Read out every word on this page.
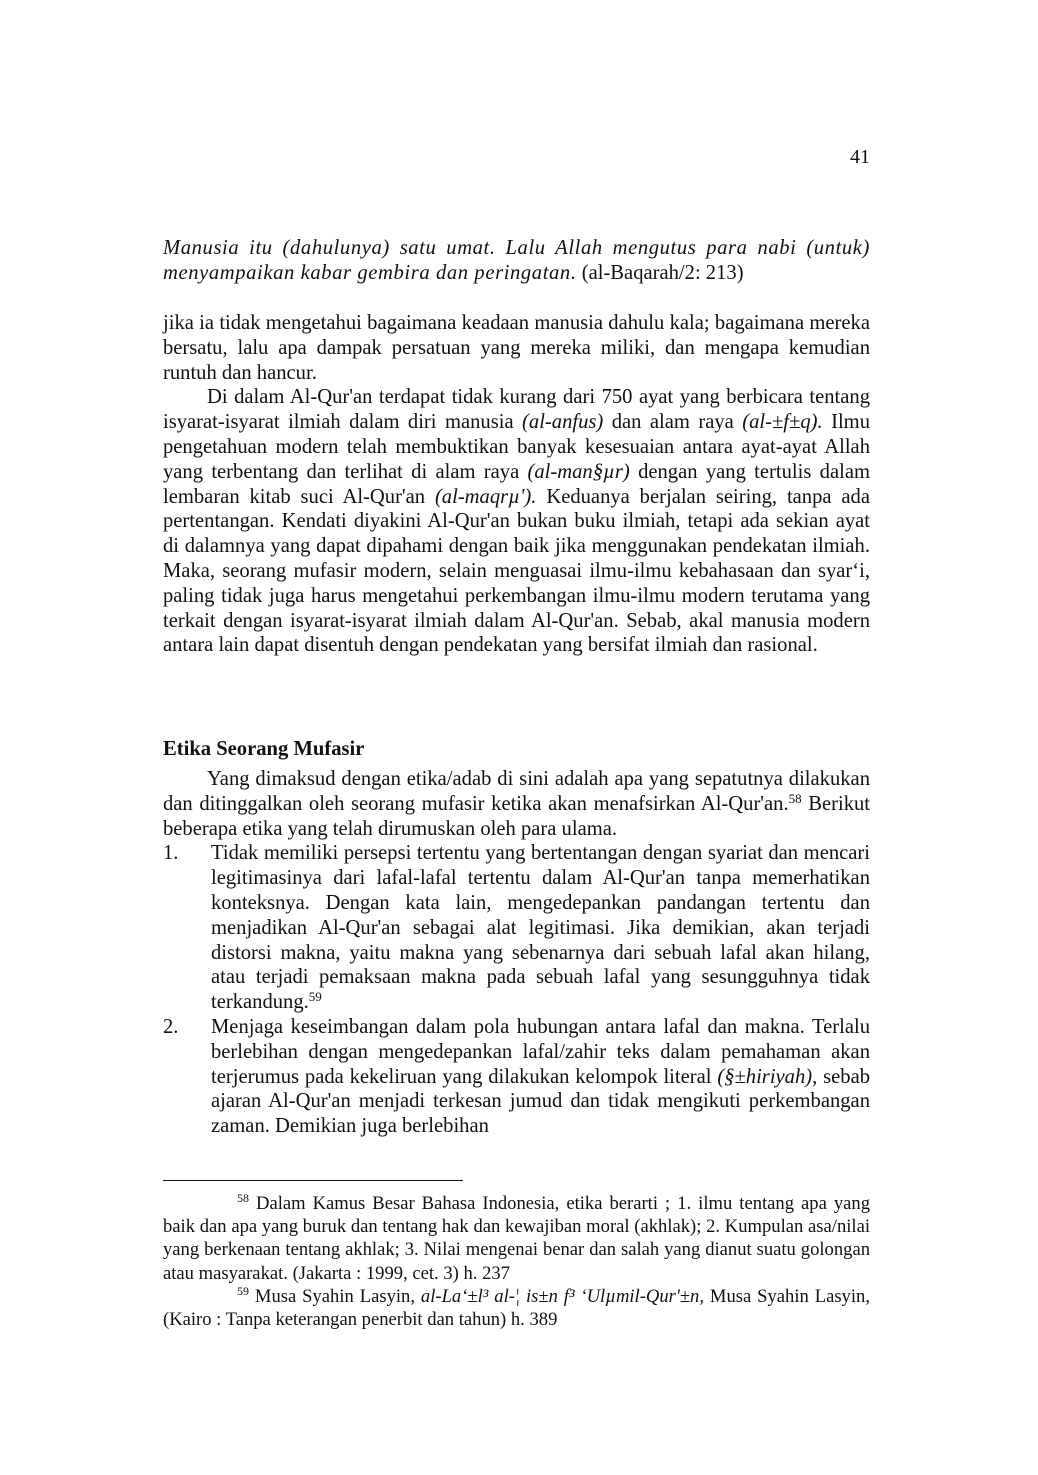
41

Manusia itu (dahulunya) satu umat. Lalu Allah mengutus para nabi (untuk) menyampaikan kabar gembira dan peringatan. (al-Baqarah/2: 213)

jika ia tidak mengetahui bagaimana keadaan manusia dahulu kala; bagaimana mereka bersatu, lalu apa dampak persatuan yang mereka miliki, dan mengapa kemudian runtuh dan hancur.

Di dalam Al-Qur'an terdapat tidak kurang dari 750 ayat yang berbicara tentang isyarat-isyarat ilmiah dalam diri manusia (al-anfus) dan alam raya (al-±f±q). Ilmu pengetahuan modern telah membuktikan banyak kesesuaian antara ayat-ayat Allah yang terbentang dan terlihat di alam raya (al-man§µr) dengan yang tertulis dalam lembaran kitab suci Al-Qur'an (al-maqrµ'). Keduanya berjalan seiring, tanpa ada pertentangan. Kendati diyakini Al-Qur'an bukan buku ilmiah, tetapi ada sekian ayat di dalamnya yang dapat dipahami dengan baik jika menggunakan pendekatan ilmiah. Maka, seorang mufasir modern, selain menguasai ilmu-ilmu kebahasaan dan syar‘i, paling tidak juga harus mengetahui perkembangan ilmu-ilmu modern terutama yang terkait dengan isyarat-isyarat ilmiah dalam Al-Qur'an. Sebab, akal manusia modern antara lain dapat disentuh dengan pendekatan yang bersifat ilmiah dan rasional.

Etika Seorang Mufasir

Yang dimaksud dengan etika/adab di sini adalah apa yang sepatutnya dilakukan dan ditinggalkan oleh seorang mufasir ketika akan menafsirkan Al-Qur'an.$^{58}$ Berikut beberapa etika yang telah dirumuskan oleh para ulama.

1. Tidak memiliki persepsi tertentu yang bertentangan dengan syariat dan mencari legitimasinya dari lafal-lafal tertentu dalam Al-Qur'an tanpa memerhatikan konteksnya. Dengan kata lain, mengedepankan pandangan tertentu dan menjadikan Al-Qur'an sebagai alat legitimasi. Jika demikian, akan terjadi distorsi makna, yaitu makna yang sebenarnya dari sebuah lafal akan hilang, atau terjadi pemaksaan makna pada sebuah lafal yang sesungguhnya tidak terkandung.$^{59}$
2. Menjaga keseimbangan dalam pola hubungan antara lafal dan makna. Terlalu berlebihan dengan mengedepankan lafal/zahir teks dalam pemahaman akan terjerumus pada kekeliruan yang dilakukan kelompok literal (§±hiriyah), sebab ajaran Al-Qur'an menjadi terkesan jumud dan tidak mengikuti perkembangan zaman. Demikian juga berlebihan

$^{58}$ Dalam Kamus Besar Bahasa Indonesia, etika berarti ; 1. ilmu tentang apa yang baik dan apa yang buruk dan tentang hak dan kewajiban moral (akhlak); 2. Kumpulan asa/nilai yang berkenaan tentang akhlak; 3. Nilai mengenai benar dan salah yang dianut suatu golongan atau masyarakat. (Jakarta : 1999, cet. 3) h. 237

$^{59}$ Musa Syahin Lasyin, al-La‘±l³ al-¦ is±n f³ ‘Ulµmil-Qur'±n, Musa Syahin Lasyin, (Kairo : Tanpa keterangan penerbit dan tahun) h. 389
